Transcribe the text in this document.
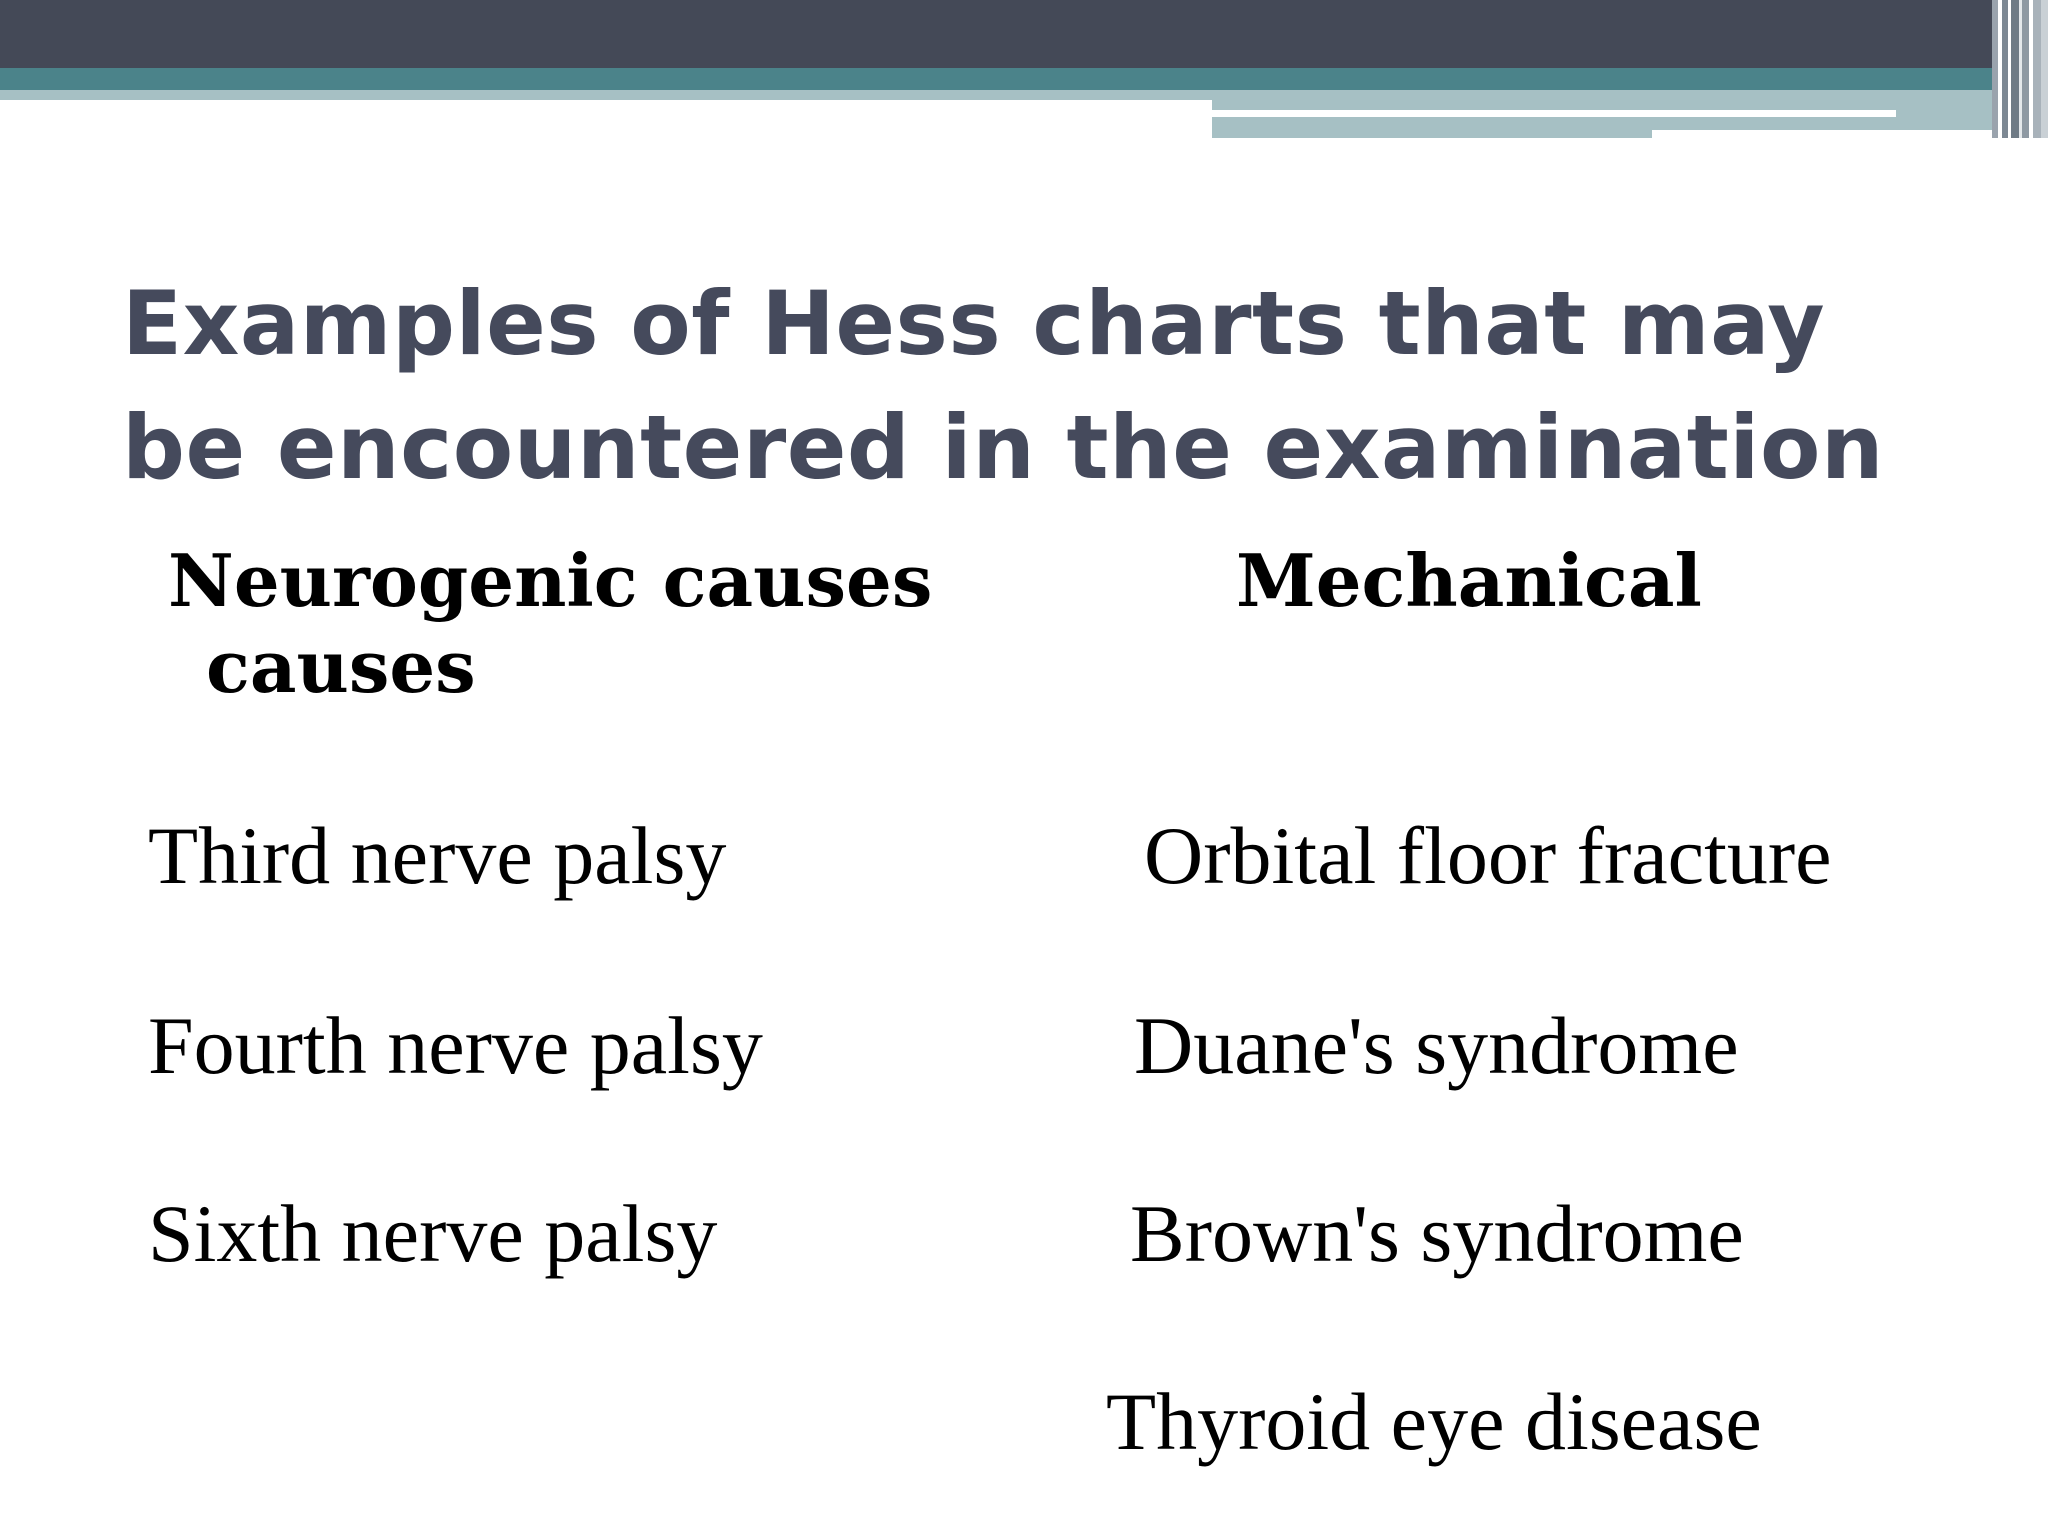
Examples of Hess charts that may be encountered in the examination
Neurogenic causes
causes
Mechanical

Third nerve palsy

Fourth nerve palsy

Sixth nerve palsy

Orbital floor fracture

Duane's syndrome

Brown's syndrome

Thyroid eye disease
